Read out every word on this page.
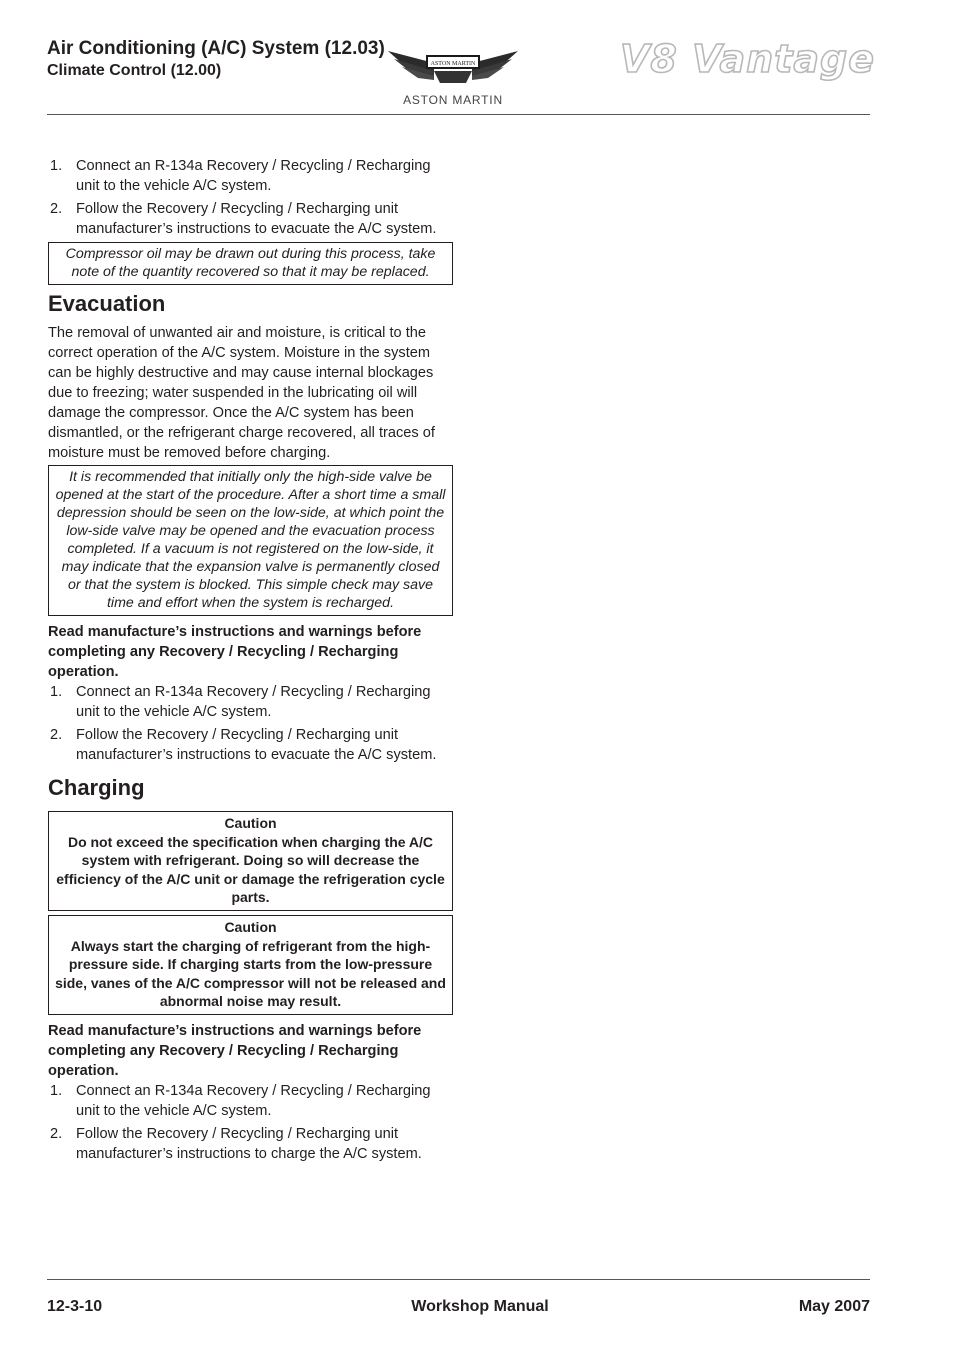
Air Conditioning (A/C) System (12.03)
Climate Control (12.00)	ASTON MARTIN
ASTON MARTIN
V8 Vantage
1. Connect an R-134a Recovery / Recycling / Recharging unit to the vehicle A/C system.
2. Follow the Recovery / Recycling / Recharging unit manufacturer’s instructions to evacuate the A/C system.
Compressor oil may be drawn out during this process, take note of the quantity recovered so that it may be replaced.
Evacuation

The removal of unwanted air and moisture, is critical to the correct operation of the A/C system. Moisture in the system can be highly destructive and may cause internal blockages due to freezing; water suspended in the lubricating oil will damage the compressor. Once the A/C system has been dismantled, or the refrigerant charge recovered, all traces of moisture must be removed before charging.

It is recommended that initially only the high-side valve be opened at the start of the procedure. After a short time a small depression should be seen on the low-side, at which point the low-side valve may be opened and the evacuation process completed. If a vacuum is not registered on the low-side, it may indicate that the expansion valve is permanently closed or that the system is blocked. This simple check may save time and effort when the system is recharged.

Read manufacture’s instructions and warnings before completing any Recovery / Recycling / Recharging operation.

1. Connect an R-134a Recovery / Recycling / Recharging unit to the vehicle A/C system.
2. Follow the Recovery / Recycling / Recharging unit manufacturer’s instructions to evacuate the A/C system.
Charging
Caution
Do not exceed the specification when charging the A/C system with refrigerant. Doing so will decrease the efficiency of the A/C unit or damage the refrigeration cycle parts.
Caution
Always start the charging of refrigerant from the high-pressure side. If charging starts from the low-pressure side, vanes of the A/C compressor will not be released and abnormal noise may result.

Read manufacture’s instructions and warnings before completing any Recovery / Recycling / Recharging operation.

1. Connect an R-134a Recovery / Recycling / Recharging unit to the vehicle A/C system.
2. Follow the Recovery / Recycling / Recharging unit manufacturer’s instructions to charge the A/C system.
12-3-10	Workshop Manual	May 2007
